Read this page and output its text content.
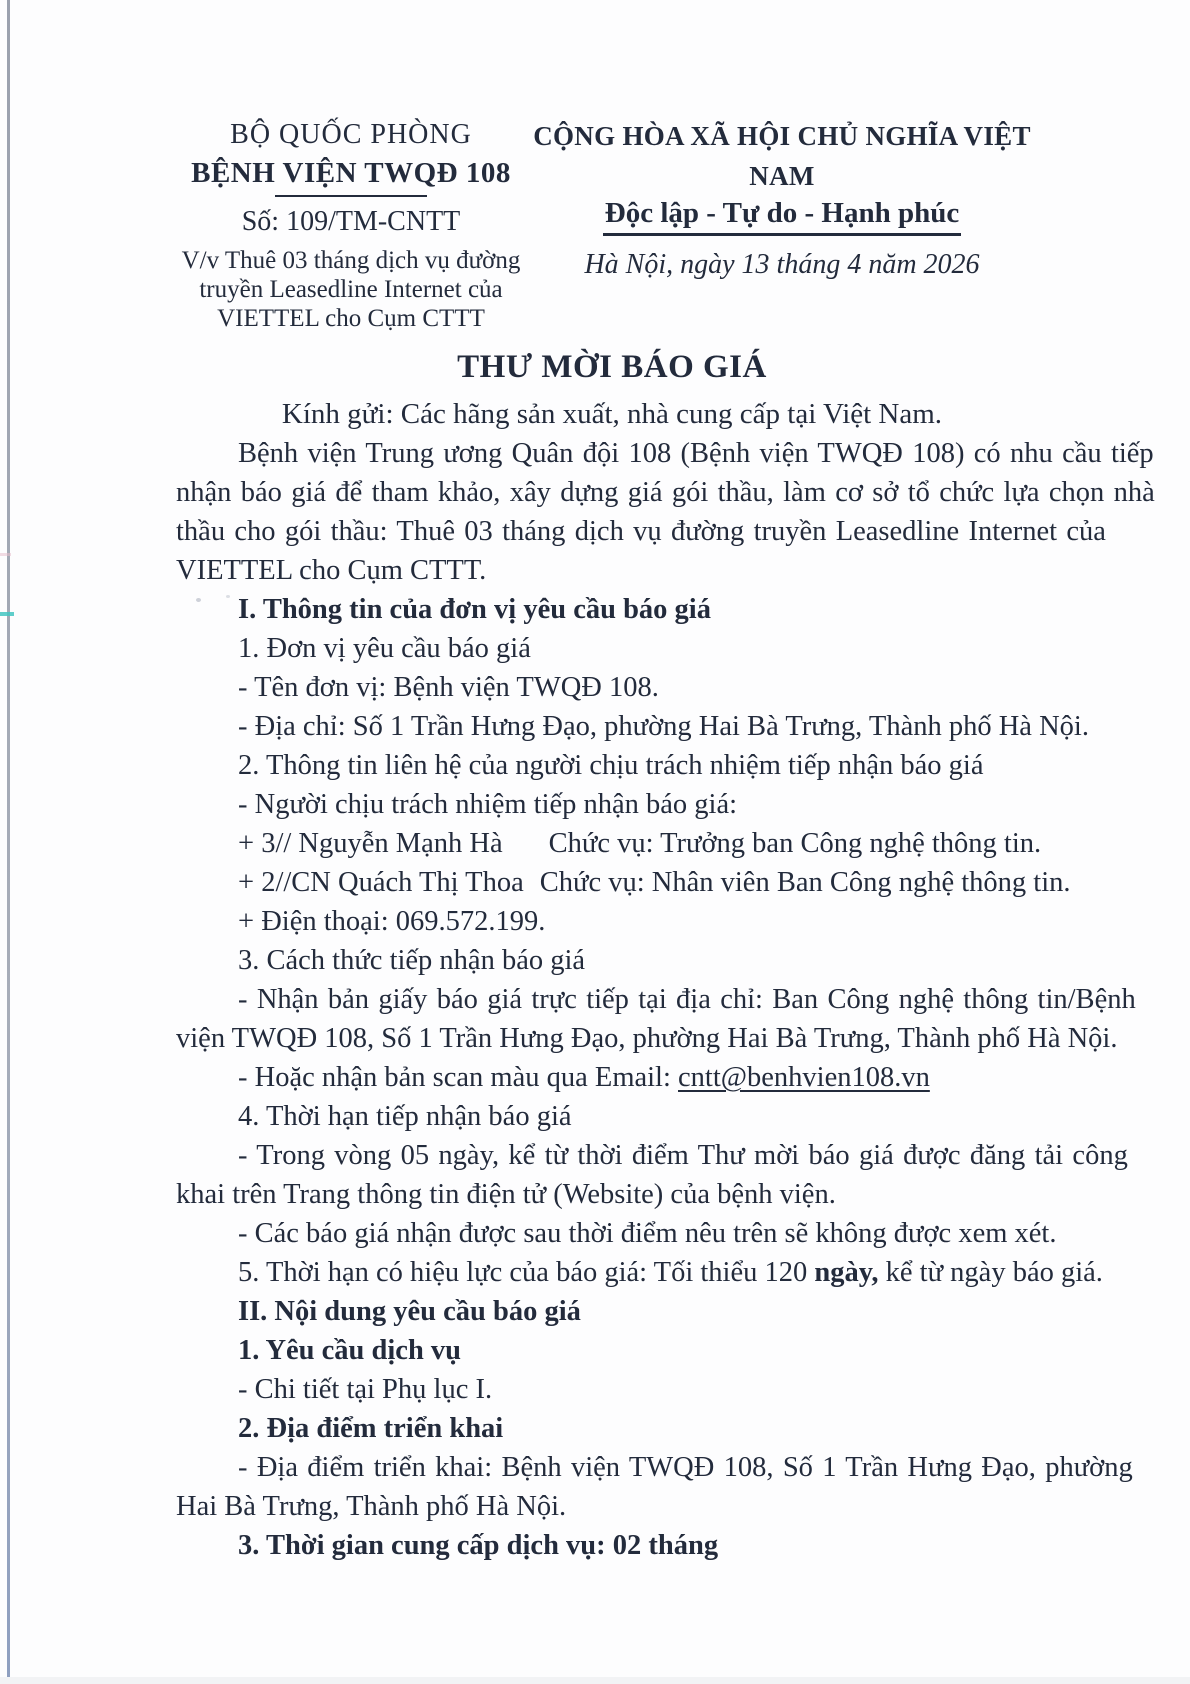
BỘ QUỐC PHÒNG
BỆNH VIỆN TWQĐ 108
Số: 109/TM-CNTT
V/v Thuê 03 tháng dịch vụ đường
truyền Leasedline Internet của
VIETTEL cho Cụm CTTT
CỘNG HÒA XÃ HỘI CHỦ NGHĨA VIỆT NAM
Độc lập - Tự do - Hạnh phúc
Hà Nội, ngày 13 tháng 4 năm 2026
THƯ MỜI BÁO GIÁ
Kính gửi: Các hãng sản xuất, nhà cung cấp tại Việt Nam.
Bệnh viện Trung ương Quân đội 108 (Bệnh viện TWQĐ 108) có nhu cầu tiếp
nhận báo giá để tham khảo, xây dựng giá gói thầu, làm cơ sở tổ chức lựa chọn nhà
thầu cho gói thầu: Thuê 03 tháng dịch vụ đường truyền Leasedline Internet của
VIETTEL cho Cụm CTTT.
I. Thông tin của đơn vị yêu cầu báo giá
1. Đơn vị yêu cầu báo giá
- Tên đơn vị: Bệnh viện TWQĐ 108.
- Địa chỉ: Số 1 Trần Hưng Đạo, phường Hai Bà Trưng, Thành phố Hà Nội.
2. Thông tin liên hệ của người chịu trách nhiệm tiếp nhận báo giá
- Người chịu trách nhiệm tiếp nhận báo giá:
+ 3// Nguyễn Mạnh Hà Chức vụ: Trưởng ban Công nghệ thông tin.
+ 2//CN Quách Thị Thoa Chức vụ: Nhân viên Ban Công nghệ thông tin.
+ Điện thoại: 069.572.199.
3. Cách thức tiếp nhận báo giá
- Nhận bản giấy báo giá trực tiếp tại địa chỉ: Ban Công nghệ thông tin/Bệnh
viện TWQĐ 108, Số 1 Trần Hưng Đạo, phường Hai Bà Trưng, Thành phố Hà Nội.
- Hoặc nhận bản scan màu qua Email: cntt@benhvien108.vn
4. Thời hạn tiếp nhận báo giá
- Trong vòng 05 ngày, kể từ thời điểm Thư mời báo giá được đăng tải công
khai trên Trang thông tin điện tử (Website) của bệnh viện.
- Các báo giá nhận được sau thời điểm nêu trên sẽ không được xem xét.
5. Thời hạn có hiệu lực của báo giá: Tối thiểu 120 ngày, kể từ ngày báo giá.
II. Nội dung yêu cầu báo giá
1. Yêu cầu dịch vụ
- Chi tiết tại Phụ lục I.
2. Địa điểm triển khai
- Địa điểm triển khai: Bệnh viện TWQĐ 108, Số 1 Trần Hưng Đạo, phường
Hai Bà Trưng, Thành phố Hà Nội.
3. Thời gian cung cấp dịch vụ: 02 tháng
